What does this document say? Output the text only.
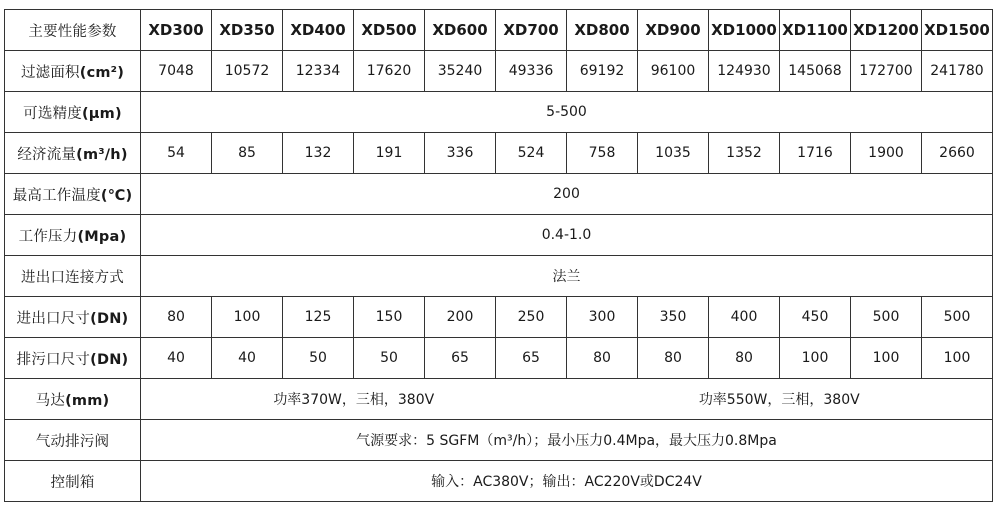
主要性能参数	XD300	XD350	XD400	XD500	XD600	XD700	XD800	XD900	XD1000	XD1100	XD1200	XD1500
过滤面积(cm²)	7048	10572	12334	17620	35240	49336	69192	96100	124930	145068	172700	241780
可选精度(μm)	5-500											
经济流量(m³/h)	54	85	132	191	336	524	758	1035	1352	1716	1900	2660
最高工作温度(℃)	200											
工作压力(Mpa)	0.4-1.0											
进出口连接方式	法兰											
进出口尺寸(DN)	80	100	125	150	200	250	300	350	400	450	500	500
排污口尺寸(DN)	40	40	50	50	65	65	80	80	80	100	100	100
马达(mm)	功率370W，三相，380V						功率550W，三相，380V					
气动排污阀	气源要求：5 SGFM（m³/h）；最小压力0.4Mpa，最大压力0.8Mpa											
控制箱	输入：AC380V；输出：AC220V或DC24V											
